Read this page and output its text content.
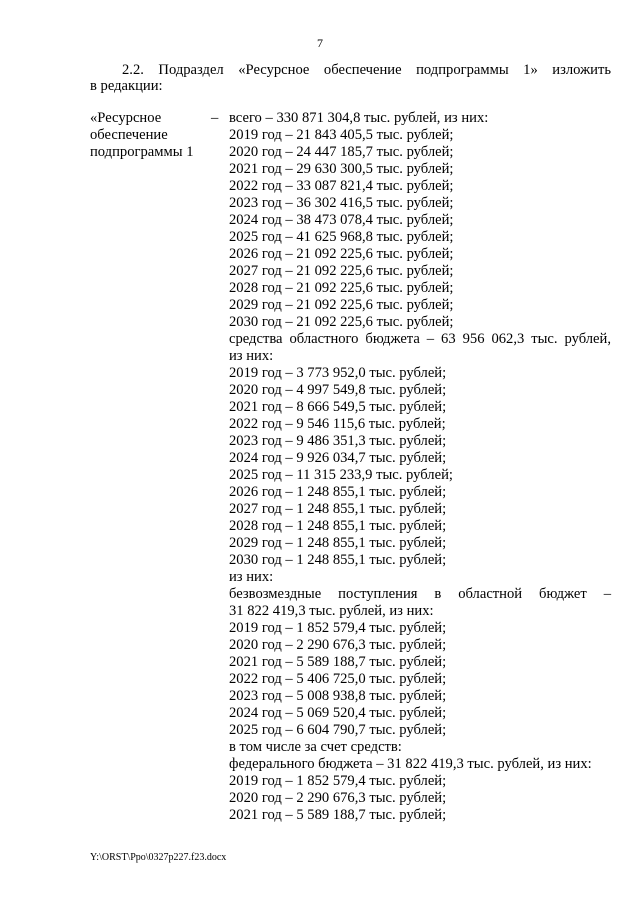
7
2.2. Подраздел «Ресурсное обеспечение подпрограммы 1» изложить
в редакции:
«Ресурсное
обеспечение
подпрограммы 1
– всего – 330 871 304,8 тыс. рублей, из них:
2019 год – 21 843 405,5 тыс. рублей;
2020 год – 24 447 185,7 тыс. рублей;
2021 год – 29 630 300,5 тыс. рублей;
2022 год – 33 087 821,4 тыс. рублей;
2023 год – 36 302 416,5 тыс. рублей;
2024 год – 38 473 078,4 тыс. рублей;
2025 год – 41 625 968,8 тыс. рублей;
2026 год – 21 092 225,6 тыс. рублей;
2027 год – 21 092 225,6 тыс. рублей;
2028 год – 21 092 225,6 тыс. рублей;
2029 год – 21 092 225,6 тыс. рублей;
2030 год – 21 092 225,6 тыс. рублей;
средства областного бюджета – 63 956 062,3 тыс. рублей,
из них:
2019 год – 3 773 952,0 тыс. рублей;
2020 год – 4 997 549,8 тыс. рублей;
2021 год – 8 666 549,5 тыс. рублей;
2022 год – 9 546 115,6 тыс. рублей;
2023 год – 9 486 351,3 тыс. рублей;
2024 год – 9 926 034,7 тыс. рублей;
2025 год – 11 315 233,9 тыс. рублей;
2026 год – 1 248 855,1 тыс. рублей;
2027 год – 1 248 855,1 тыс. рублей;
2028 год – 1 248 855,1 тыс. рублей;
2029 год – 1 248 855,1 тыс. рублей;
2030 год – 1 248 855,1 тыс. рублей;
из них:
безвозмездные поступления в областной бюджет –
31 822 419,3 тыс. рублей, из них:
2019 год – 1 852 579,4 тыс. рублей;
2020 год – 2 290 676,3 тыс. рублей;
2021 год – 5 589 188,7 тыс. рублей;
2022 год – 5 406 725,0 тыс. рублей;
2023 год – 5 008 938,8 тыс. рублей;
2024 год – 5 069 520,4 тыс. рублей;
2025 год – 6 604 790,7 тыс. рублей;
в том числе за счет средств:
федерального бюджета – 31 822 419,3 тыс. рублей, из них:
2019 год – 1 852 579,4 тыс. рублей;
2020 год – 2 290 676,3 тыс. рублей;
2021 год – 5 589 188,7 тыс. рублей;
Y:\ORST\Ppo\0327p227.f23.docx
